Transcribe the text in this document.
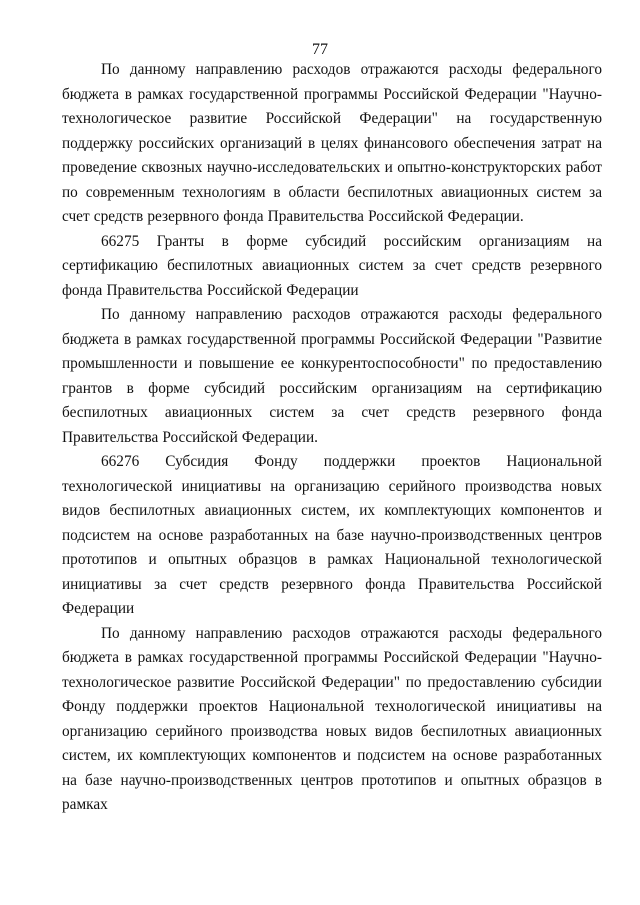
77

По данному направлению расходов отражаются расходы федерального бюджета в рамках государственной программы Российской Федерации "Научно-технологическое развитие Российской Федерации" на государственную поддержку российских организаций в целях финансового обеспечения затрат на проведение сквозных научно-исследовательских и опытно-конструкторских работ по современным технологиям в области беспилотных авиационных систем за счет средств резервного фонда Правительства Российской Федерации.

66275 Гранты в форме субсидий российским организациям на сертификацию беспилотных авиационных систем за счет средств резервного фонда Правительства Российской Федерации

По данному направлению расходов отражаются расходы федерального бюджета в рамках государственной программы Российской Федерации "Развитие промышленности и повышение ее конкурентоспособности" по предоставлению грантов в форме субсидий российским организациям на сертификацию беспилотных авиационных систем за счет средств резервного фонда Правительства Российской Федерации.

66276 Субсидия Фонду поддержки проектов Национальной технологической инициативы на организацию серийного производства новых видов беспилотных авиационных систем, их комплектующих компонентов и подсистем на основе разработанных на базе научно-производственных центров прототипов и опытных образцов в рамках Национальной технологической инициативы за счет средств резервного фонда Правительства Российской Федерации

По данному направлению расходов отражаются расходы федерального бюджета в рамках государственной программы Российской Федерации "Научно-технологическое развитие Российской Федерации" по предоставлению субсидии Фонду поддержки проектов Национальной технологической инициативы на организацию серийного производства новых видов беспилотных авиационных систем, их комплектующих компонентов и подсистем на основе разработанных на базе научно-производственных центров прототипов и опытных образцов в рамках
